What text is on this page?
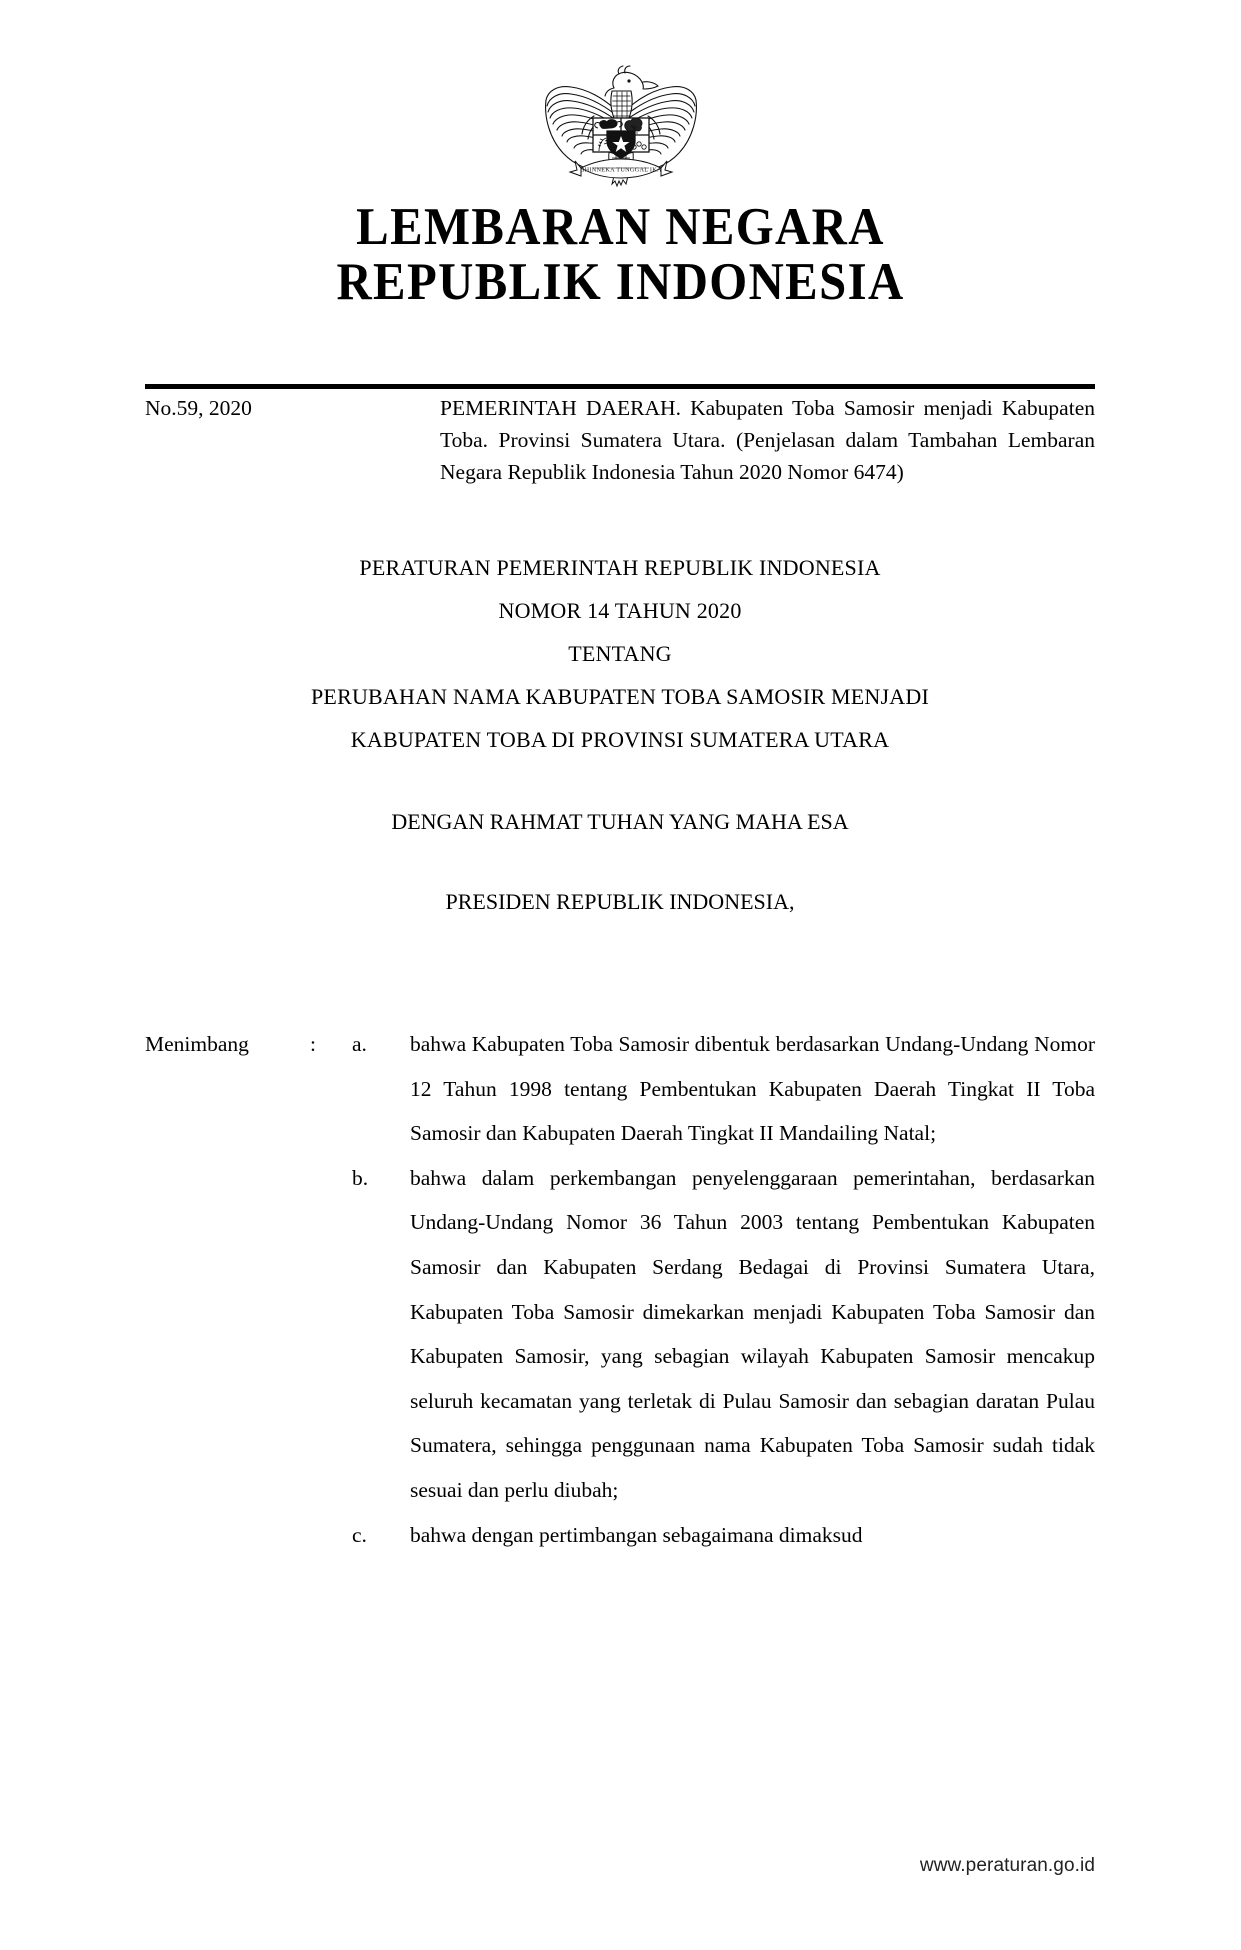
BHINNEKA TUNGGAL IKA
LEMBARAN NEGARA
REPUBLIK INDONESIA
No.59, 2020	PEMERINTAH DAERAH. Kabupaten Toba Samosir menjadi Kabupaten Toba. Provinsi Sumatera Utara. (Penjelasan dalam Tambahan Lembaran Negara Republik Indonesia Tahun 2020 Nomor 6474)
PERATURAN PEMERINTAH REPUBLIK INDONESIA
NOMOR 14 TAHUN 2020
TENTANG
PERUBAHAN NAMA KABUPATEN TOBA SAMOSIR MENJADI
KABUPATEN TOBA DI PROVINSI SUMATERA UTARA
DENGAN RAHMAT TUHAN YANG MAHA ESA
PRESIDEN REPUBLIK INDONESIA,
Menimbang	:	a.	bahwa Kabupaten Toba Samosir dibentuk berdasarkan Undang-Undang Nomor 12 Tahun 1998 tentang Pembentukan Kabupaten Daerah Tingkat II Toba Samosir dan Kabupaten Daerah Tingkat II Mandailing Natal;
b.	bahwa dalam perkembangan penyelenggaraan pemerintahan, berdasarkan Undang-Undang Nomor 36 Tahun 2003 tentang Pembentukan Kabupaten Samosir dan Kabupaten Serdang Bedagai di Provinsi Sumatera Utara, Kabupaten Toba Samosir dimekarkan menjadi Kabupaten Toba Samosir dan Kabupaten Samosir, yang sebagian wilayah Kabupaten Samosir mencakup seluruh kecamatan yang terletak di Pulau Samosir dan sebagian daratan Pulau Sumatera, sehingga penggunaan nama Kabupaten Toba Samosir sudah tidak sesuai dan perlu diubah;
c.	bahwa dengan pertimbangan sebagaimana dimaksud
www.peraturan.go.id
